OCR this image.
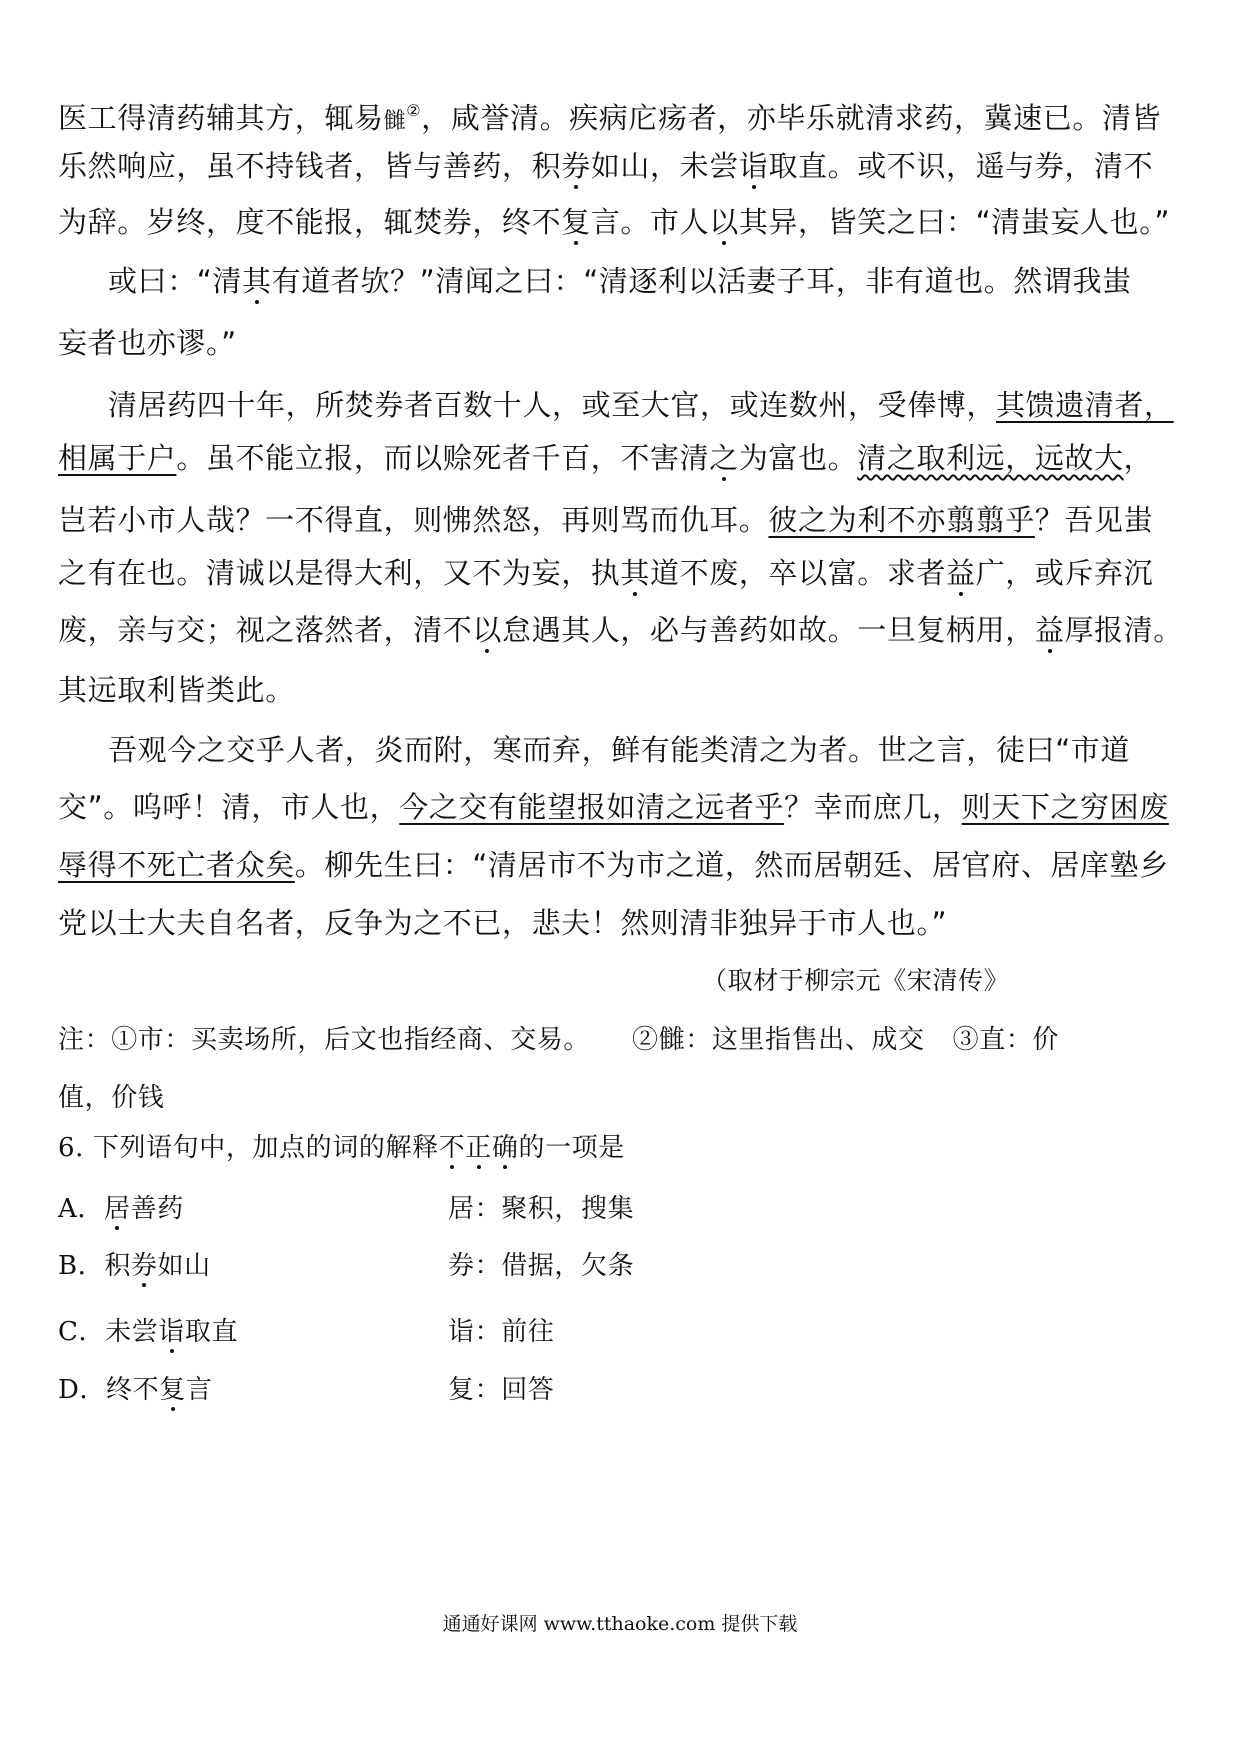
医工得清药辅其方，辄易雠②，咸誉清。疾病庀疡者，亦毕乐就清求药，冀速已。清皆
乐然响应，虽不持钱者，皆与善药，积券如山，未尝诣取直。或不识，遥与券，清不
为辞。岁终，度不能报，辄焚券，终不复言。市人以其异，皆笑之曰：“清蚩妄人也。”
或曰：“清其有道者欤？”清闻之曰：“清逐利以活妻子耳，非有道也。然谓我蚩
妄者也亦谬。”
清居药四十年，所焚券者百数十人，或至大官，或连数州，受俸博，其馈遗清者，
相属于户。虽不能立报，而以赊死者千百，不害清之为富也。清之取利远，远故大，
岂若小市人哉？一不得直，则怫然怒，再则骂而仇耳。彼之为利不亦翦翦乎？吾见蚩
之有在也。清诚以是得大利，又不为妄，执其道不废，卒以富。求者益广，或斥弃沉
废，亲与交；视之落然者，清不以怠遇其人，必与善药如故。一旦复柄用，益厚报清。
其远取利皆类此。
吾观今之交乎人者，炎而附，寒而弃，鲜有能类清之为者。世之言，徒曰“市道
交”。呜呼！清，市人也，今之交有能望报如清之远者乎？幸而庶几，则天下之穷困废
辱得不死亡者众矣。柳先生曰：“清居市不为市之道，然而居朝廷、居官府、居庠塾乡
党以士大夫自名者，反争为之不已，悲夫！然则清非独异于市人也。”
（取材于柳宗元《宋清传》
注：①市：买卖场所，后文也指经商、交易。 ②雠：这里指售出、成交 ③直：价
值，价钱
6. 下列语句中，加点的词的解释不正确的一项是
A．居善药	居：聚积，搜集
B．积券如山	券：借据，欠条
C．未尝诣取直	诣：前往
D．终不复言	复：回答
通通好课网 www.tthaoke.com 提供下载
